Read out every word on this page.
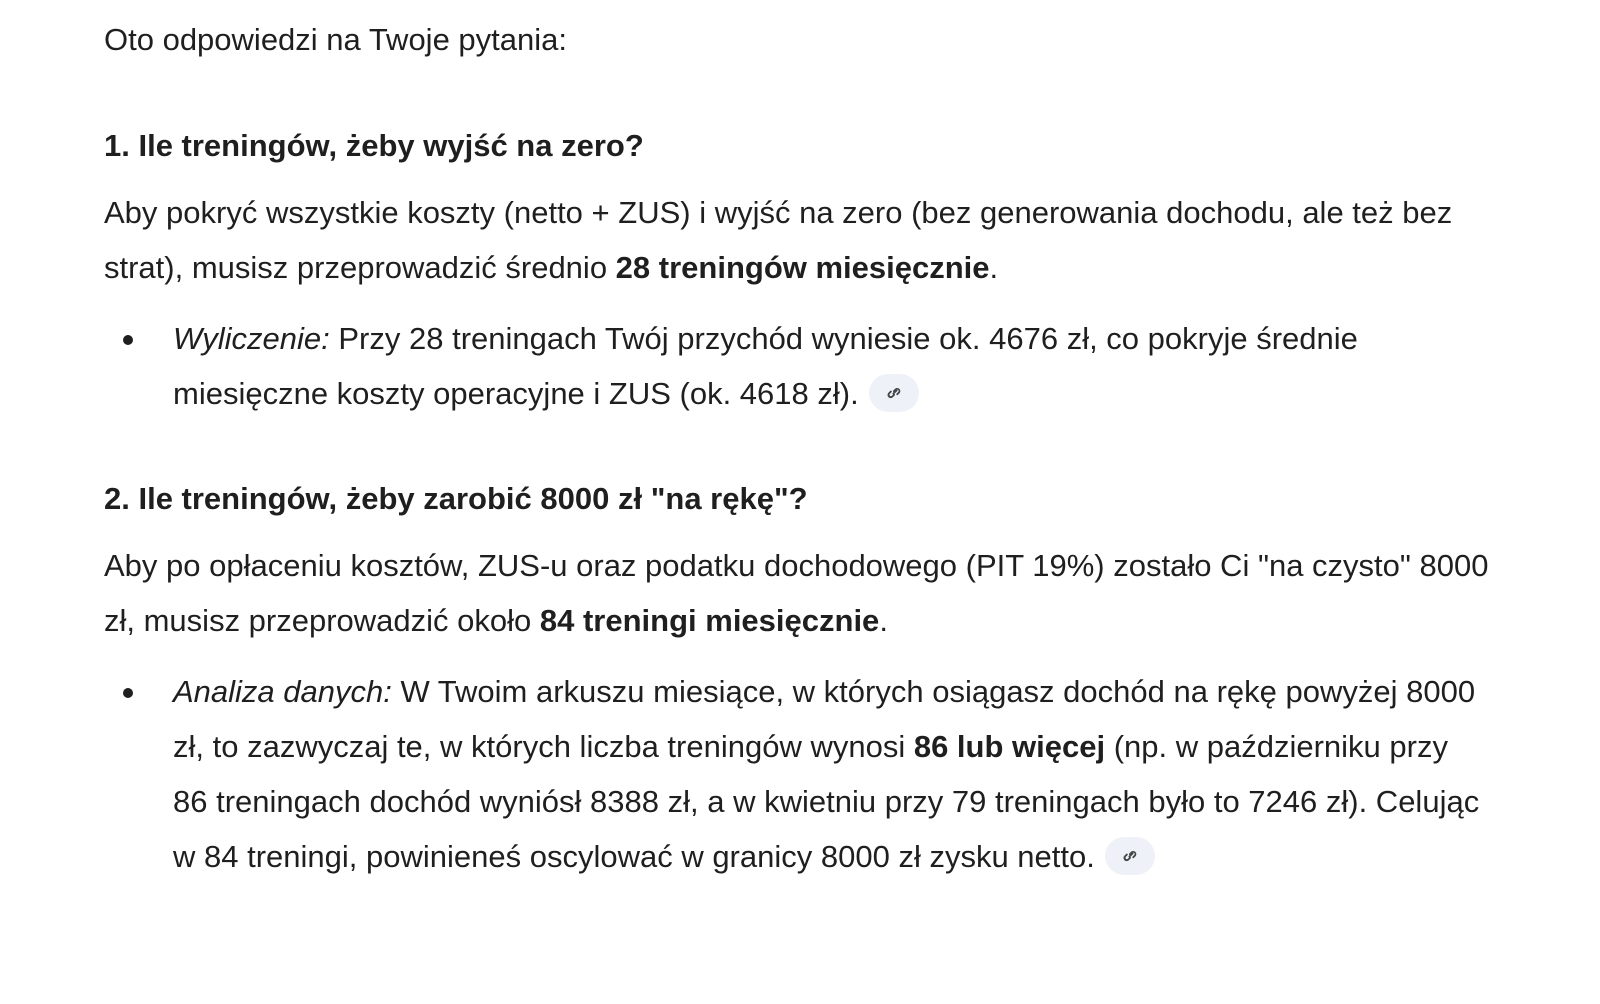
Oto odpowiedzi na Twoje pytania:
1. Ile treningów, żeby wyjść na zero?
Aby pokryć wszystkie koszty (netto + ZUS) i wyjść na zero (bez generowania dochodu, ale też bez strat), musisz przeprowadzić średnio 28 treningów miesięcznie.
Wyliczenie: Przy 28 treningach Twój przychód wyniesie ok. 4676 zł, co pokryje średnie miesięczne koszty operacyjne i ZUS (ok. 4618 zł).
2. Ile treningów, żeby zarobić 8000 zł "na rękę"?
Aby po opłaceniu kosztów, ZUS-u oraz podatku dochodowego (PIT 19%) zostało Ci "na czysto" 8000 zł, musisz przeprowadzić około 84 treningi miesięcznie.
Analiza danych: W Twoim arkuszu miesiące, w których osiągasz dochód na rękę powyżej 8000 zł, to zazwyczaj te, w których liczba treningów wynosi 86 lub więcej (np. w październiku przy 86 treningach dochód wyniósł 8388 zł, a w kwietniu przy 79 treningach było to 7246 zł). Celując w 84 treningi, powinieneś oscylować w granicy 8000 zł zysku netto.
